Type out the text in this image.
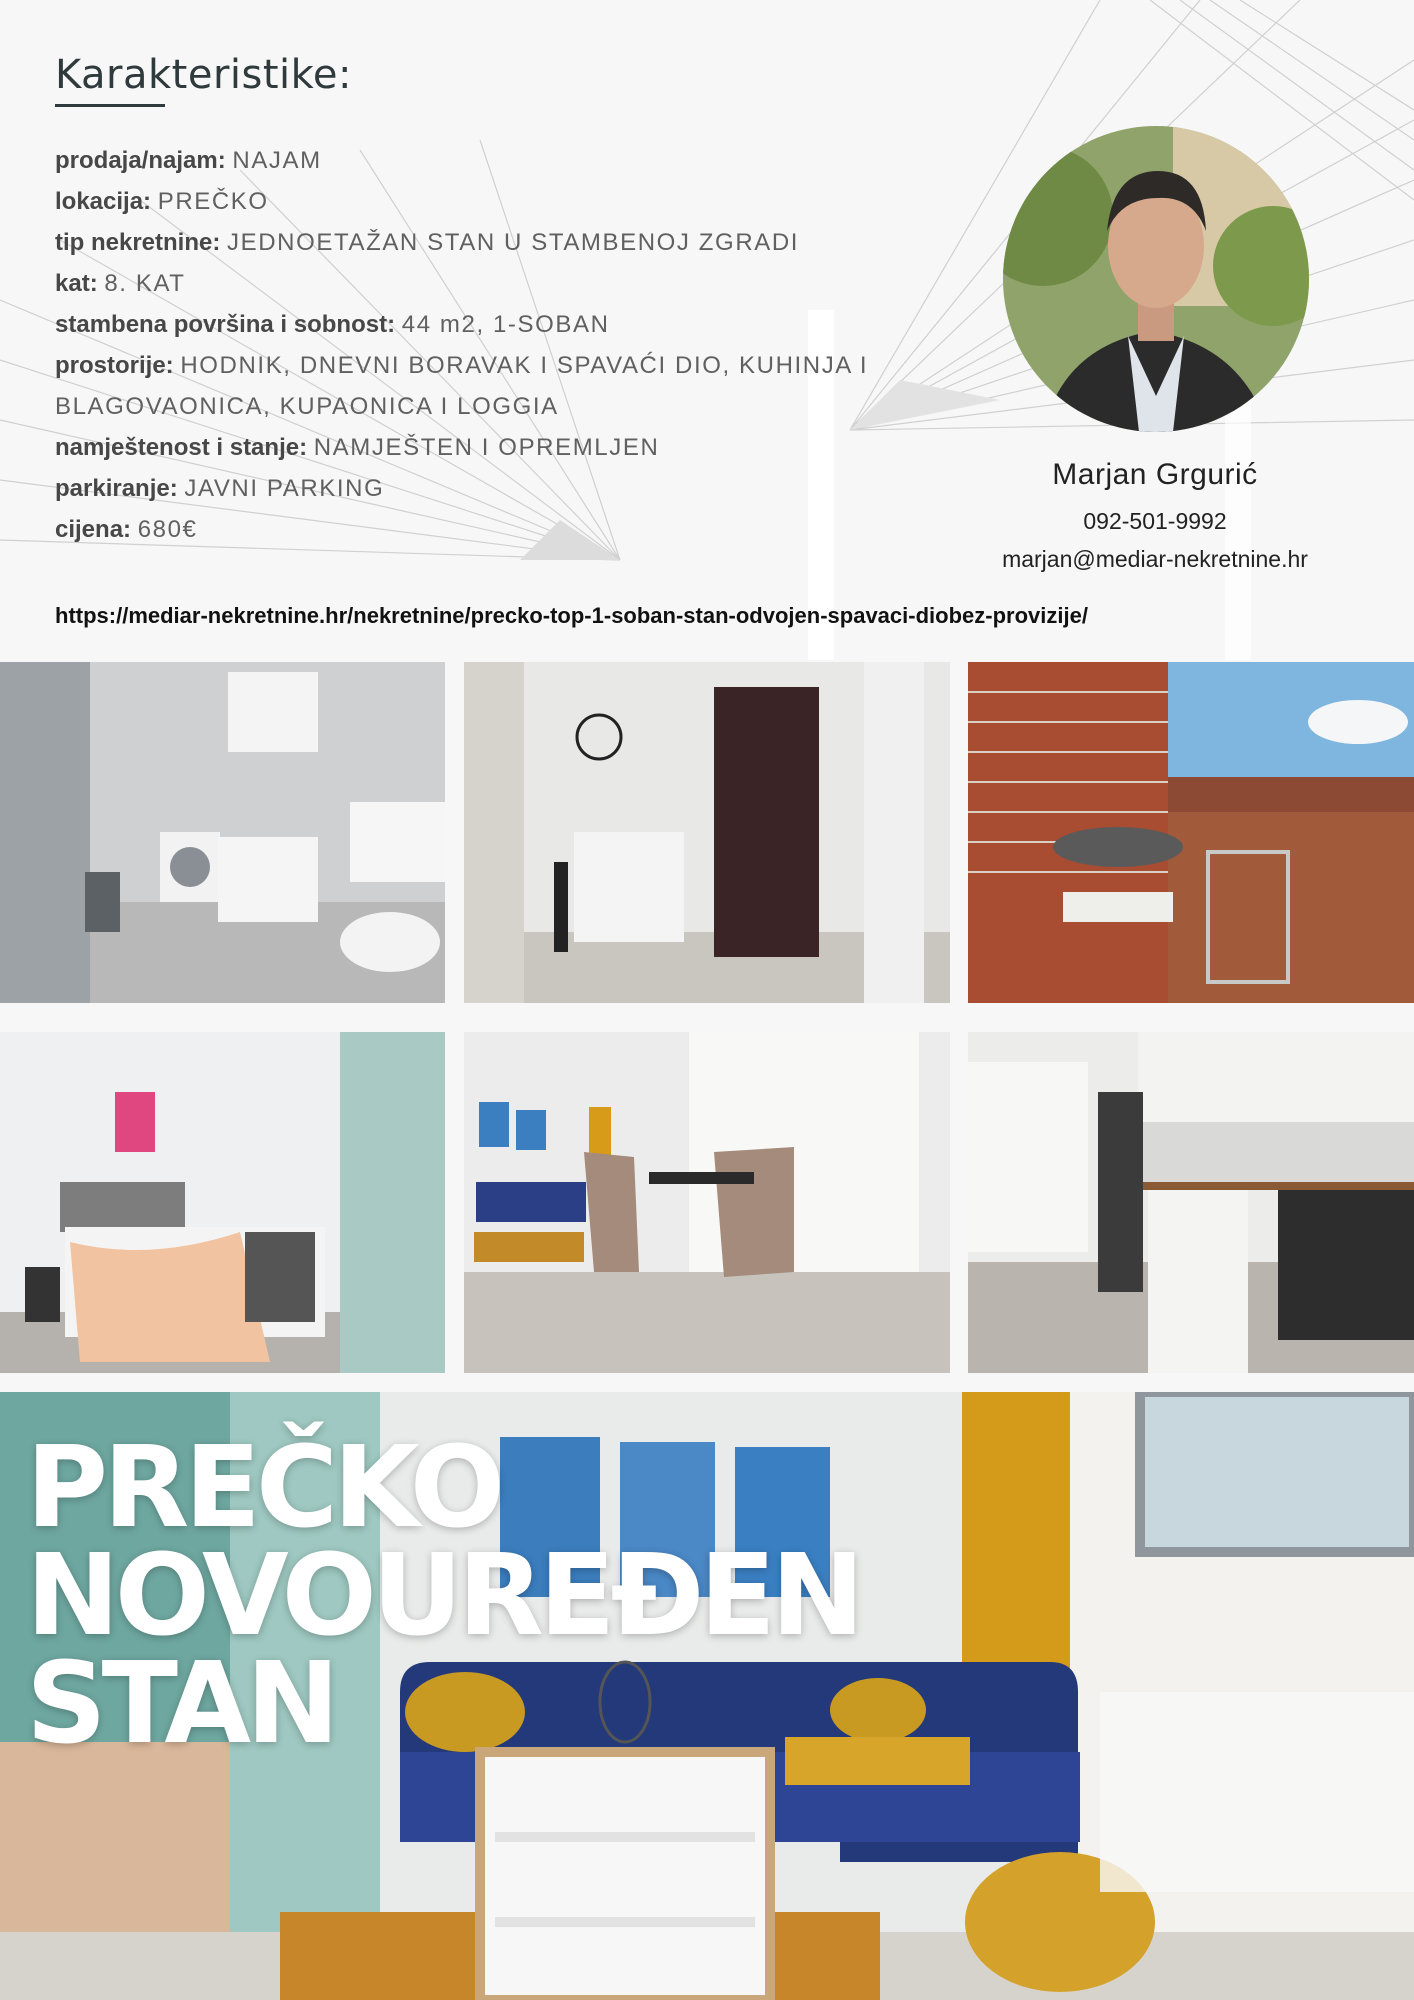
Karakteristike:
prodaja/najam: NAJAM
lokacija: PREČKO
tip nekretnine: JEDNOETAŽAN STAN U STAMBENOJ ZGRADI
kat: 8. KAT
stambena površina i sobnost: 44 m2, 1-SOBAN
prostorije: HODNIK, DNEVNI BORAVAK I SPAVAĆI DIO, KUHINJA I
BLAGOVAONICA, KUPAONICA I LOGGIA
namještenost i stanje: NAMJEŠTEN I OPREMLJEN
parkiranje: JAVNI PARKING
cijena: 680€
Marjan Grgurić
092-501-9992
marjan@mediar-nekretnine.hr
https://mediar-nekretnine.hr/nekretnine/precko-top-1-soban-stan-odvojen-spavaci-diobez-provizije/
PREČKO
NOVOUREĐEN
STAN
